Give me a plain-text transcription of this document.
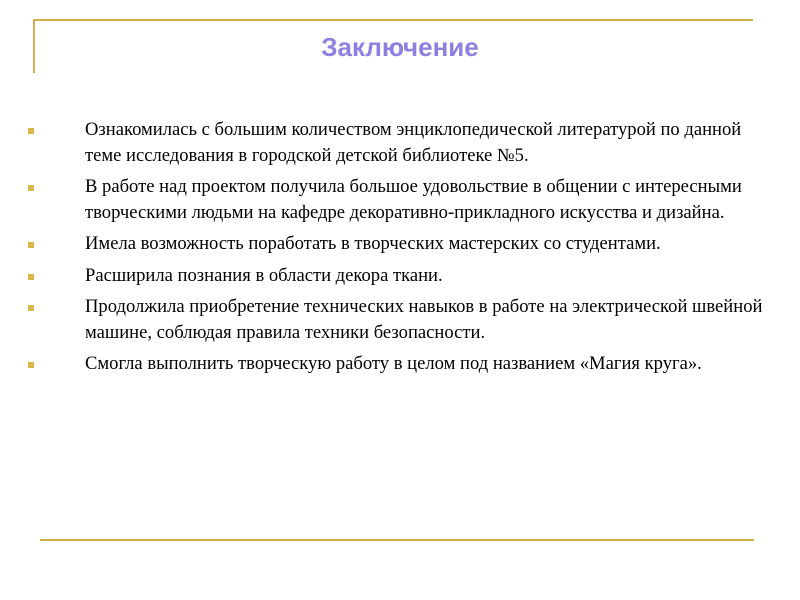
Заключение
Ознакомилась с большим количеством энциклопедической литературой по данной теме исследования в городской детской библиотеке №5.
В работе над проектом получила большое удовольствие в общении с интересными творческими людьми на кафедре декоративно-прикладного искусства и дизайна.
Имела возможность поработать в творческих мастерских со студентами.
Расширила познания в области декора ткани.
Продолжила приобретение технических навыков в работе на электрической швейной машине, соблюдая правила техники безопасности.
Смогла выполнить творческую работу в целом под названием «Магия круга».
